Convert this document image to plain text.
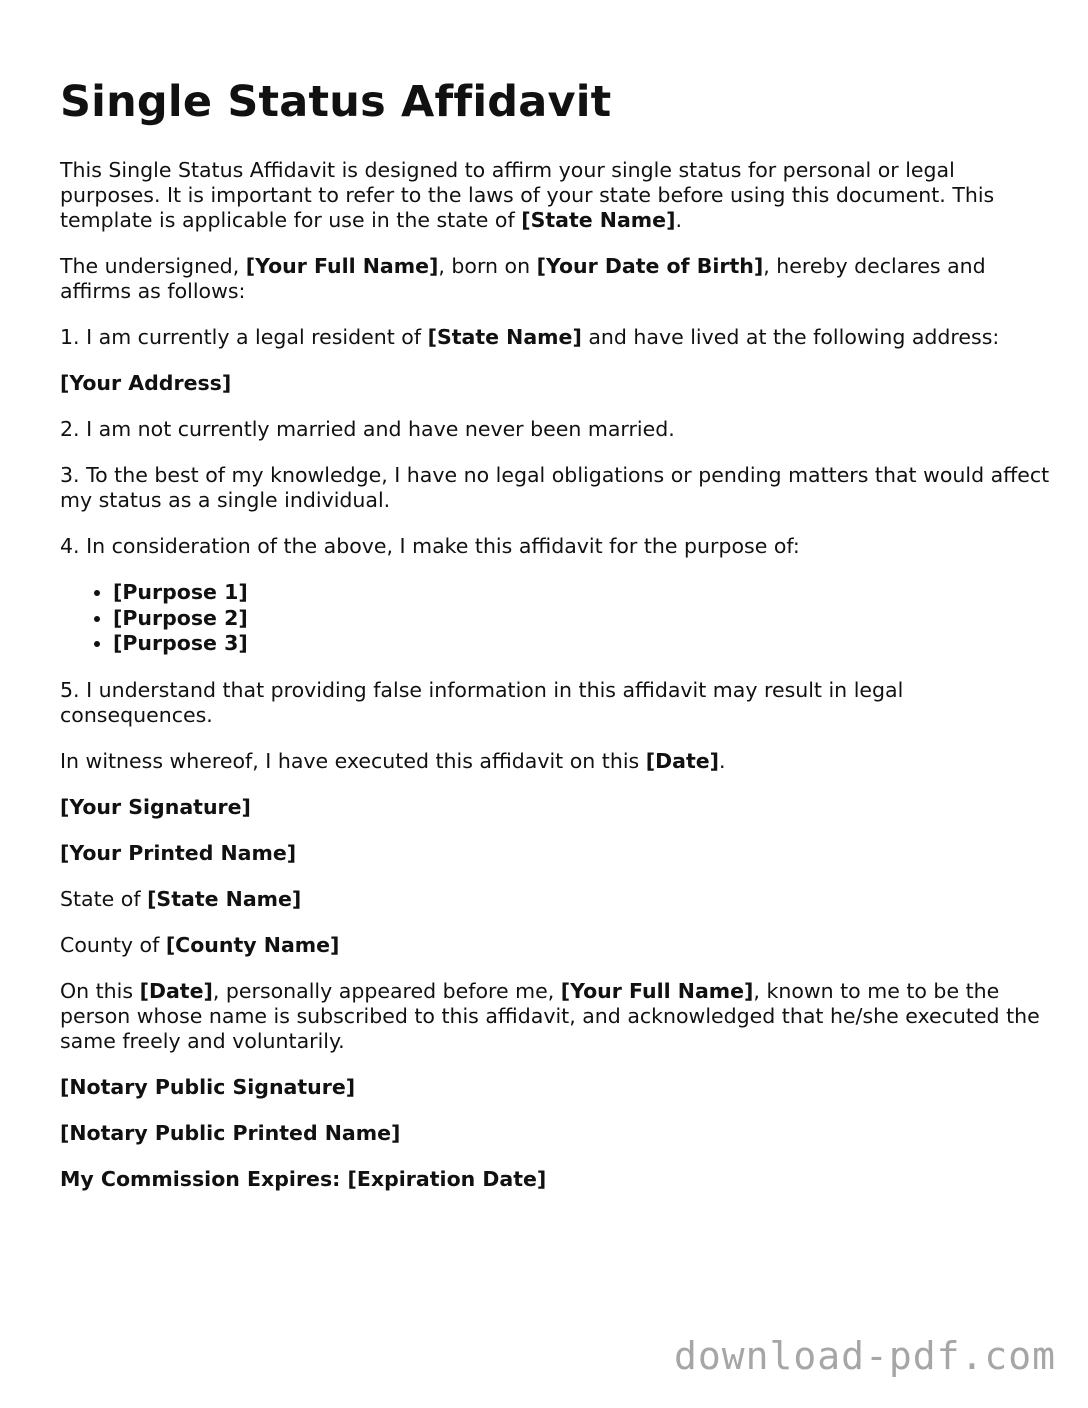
Single Status Affidavit

This Single Status Affidavit is designed to affirm your single status for personal or legal purposes. It is important to refer to the laws of your state before using this document. This template is applicable for use in the state of [State Name].

The undersigned, [Your Full Name], born on [Your Date of Birth], hereby declares and affirms as follows:

1. I am currently a legal resident of [State Name] and have lived at the following address:

[Your Address]

2. I am not currently married and have never been married.

3. To the best of my knowledge, I have no legal obligations or pending matters that would affect my status as a single individual.

4. In consideration of the above, I make this affidavit for the purpose of:

• [Purpose 1]
• [Purpose 2]
• [Purpose 3]

5. I understand that providing false information in this affidavit may result in legal consequences.

In witness whereof, I have executed this affidavit on this [Date].

[Your Signature]

[Your Printed Name]

State of [State Name]

County of [County Name]

On this [Date], personally appeared before me, [Your Full Name], known to me to be the person whose name is subscribed to this affidavit, and acknowledged that he/she executed the same freely and voluntarily.

[Notary Public Signature]

[Notary Public Printed Name]

My Commission Expires: [Expiration Date]

download-pdf.com
